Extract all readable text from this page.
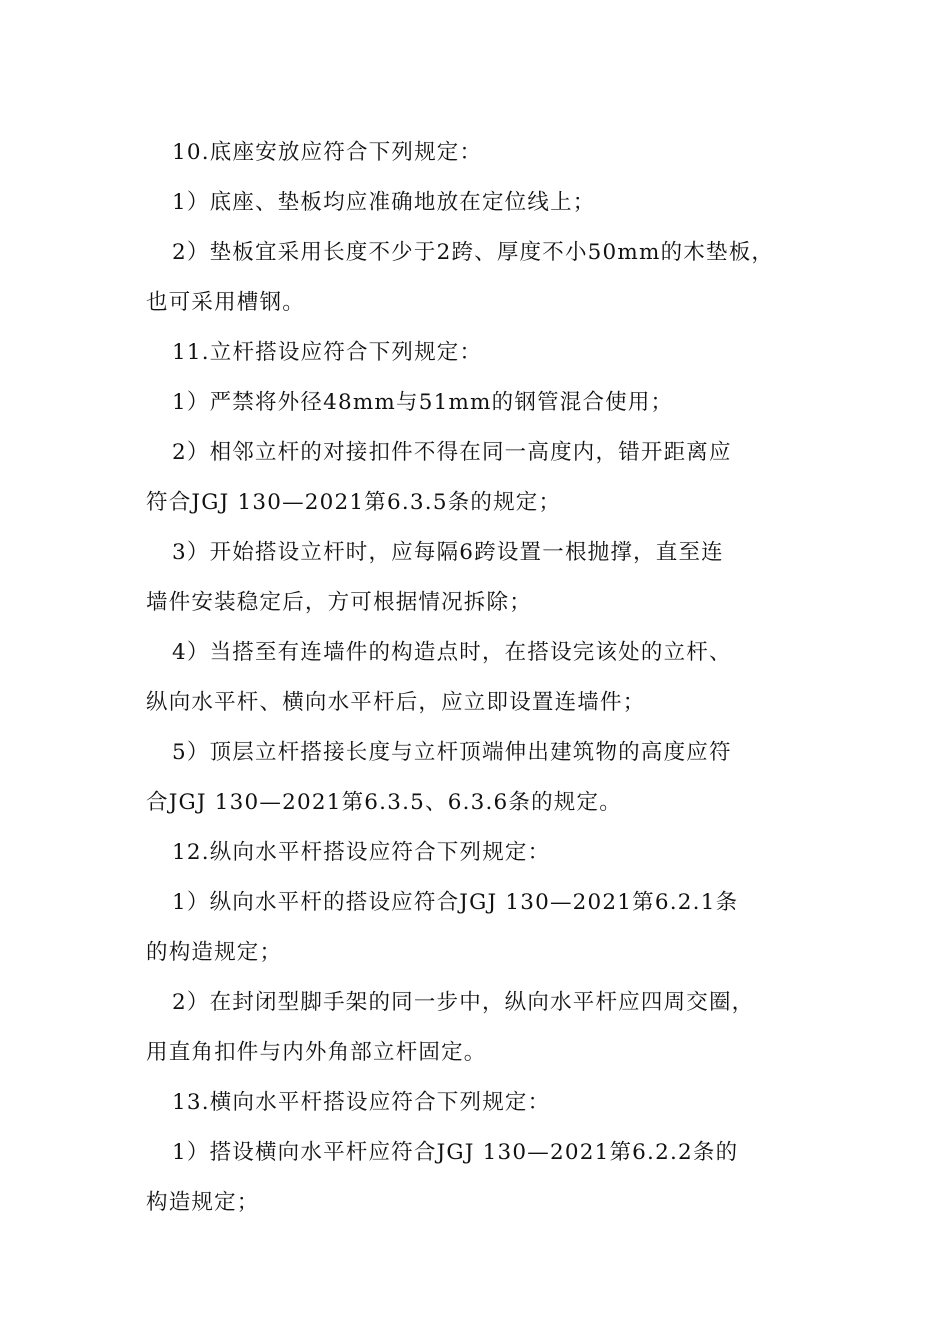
10.底座安放应符合下列规定：

1）底座、垫板均应准确地放在定位线上；

2）垫板宜采用长度不少于2跨、厚度不小50mm的木垫板，

也可采用槽钢。

11.立杆搭设应符合下列规定：

1）严禁将外径48mm与51mm的钢管混合使用；

2）相邻立杆的对接扣件不得在同一高度内，错开距离应

符合JGJ 130—2021第6.3.5条的规定；

3）开始搭设立杆时，应每隔6跨设置一根抛撑，直至连

墙件安装稳定后，方可根据情况拆除；

4）当搭至有连墙件的构造点时，在搭设完该处的立杆、

纵向水平杆、横向水平杆后，应立即设置连墙件；

5）顶层立杆搭接长度与立杆顶端伸出建筑物的高度应符

合JGJ 130—2021第6.3.5、6.3.6条的规定。

12.纵向水平杆搭设应符合下列规定：

1）纵向水平杆的搭设应符合JGJ 130—2021第6.2.1条

的构造规定；

2）在封闭型脚手架的同一步中，纵向水平杆应四周交圈，

用直角扣件与内外角部立杆固定。

13.横向水平杆搭设应符合下列规定：

1）搭设横向水平杆应符合JGJ 130—2021第6.2.2条的

构造规定；
